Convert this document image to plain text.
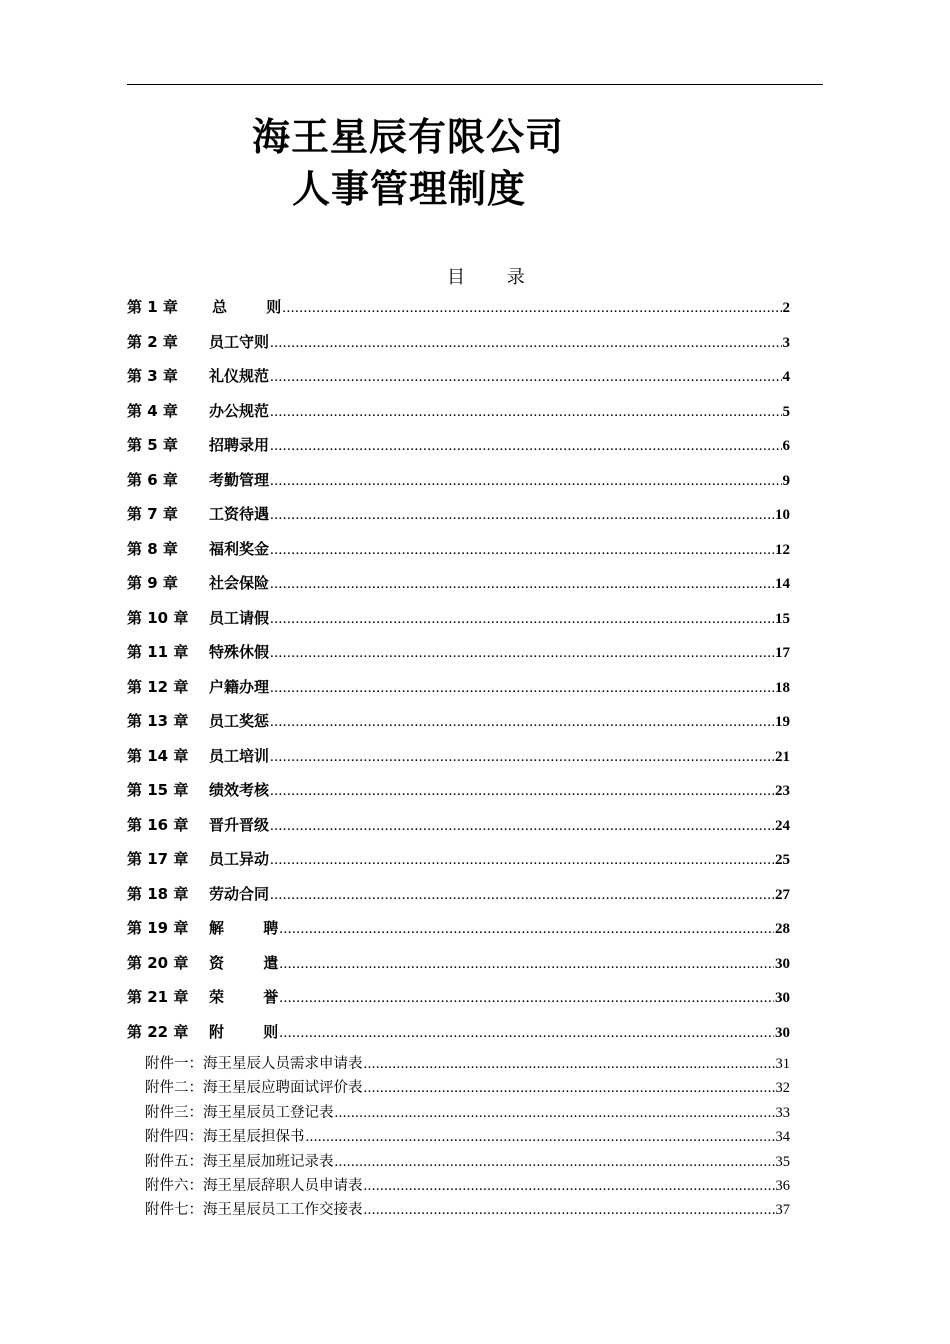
海王星辰有限公司
人事管理制度
目 录
第 1 章	总 则 .....	2
第 2 章	员工守则 .....	3
第 3 章	礼仪规范 .....	4
第 4 章	办公规范 .....	5
第 5 章	招聘录用 .....	6
第 6 章	考勤管理 .....	9
第 7 章	工资待遇 .....	10
第 8 章	福利奖金 .....	12
第 9 章	社会保险 .....	14
第 10 章	员工请假 .....	15
第 11 章	特殊休假 .....	17
第 12 章	户籍办理 .....	18
第 13 章	员工奖惩 .....	19
第 14 章	员工培训 .....	21
第 15 章	绩效考核 .....	23
第 16 章	晋升晋级 .....	24
第 17 章	员工异动 .....	25
第 18 章	劳动合同 .....	27
第 19 章	解 聘 .....	28
第 20 章	资 遣 .....	30
第 21 章	荣 誉 .....	30
第 22 章	附 则 .....	30
附件一：海王星辰人员需求申请表 .....	31
附件二：海王星辰应聘面试评价表 .....	32
附件三：海王星辰员工登记表 .....	33
附件四：海王星辰担保书 .....	34
附件五：海王星辰加班记录表 .....	35
附件六：海王星辰辞职人员申请表 .....	36
附件七：海王星辰员工工作交接表 .....	37
